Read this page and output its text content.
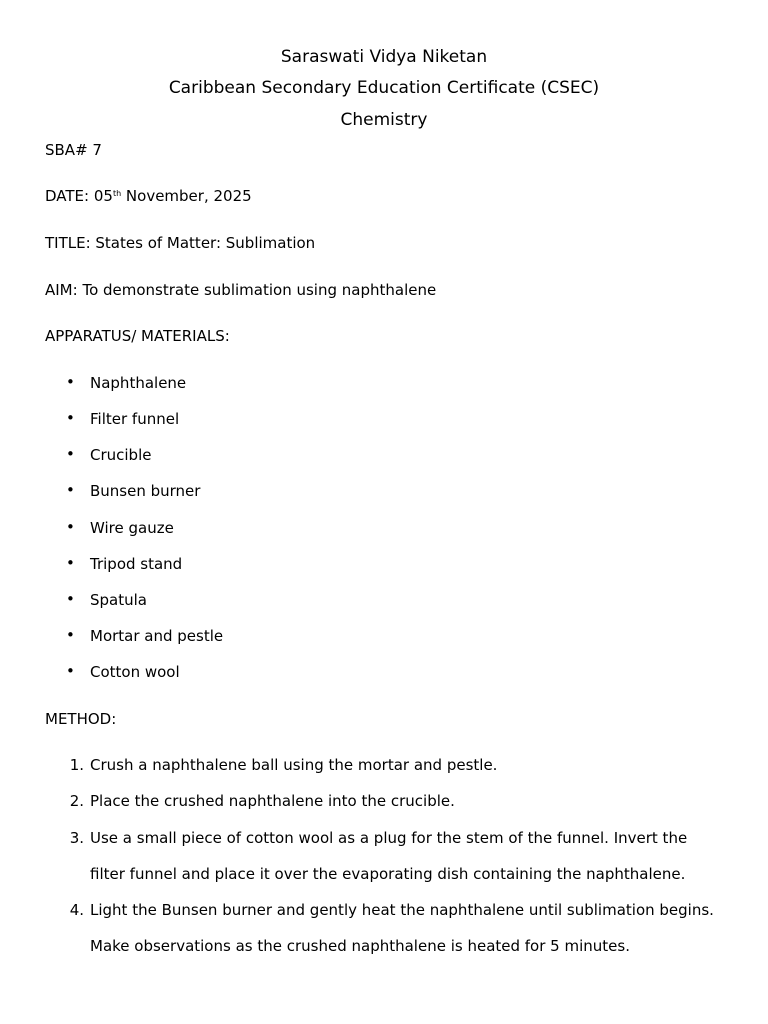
Saraswati Vidya Niketan
Caribbean Secondary Education Certificate (CSEC)
Chemistry
SBA# 7
DATE: 05th November, 2025
TITLE: States of Matter: Sublimation
AIM: To demonstrate sublimation using naphthalene
APPARATUS/ MATERIALS:
• Naphthalene
• Filter funnel
• Crucible
• Bunsen burner
• Wire gauze
• Tripod stand
• Spatula
• Mortar and pestle
• Cotton wool
METHOD:
1. Crush a naphthalene ball using the mortar and pestle.
2. Place the crushed naphthalene into the crucible.
3. Use a small piece of cotton wool as a plug for the stem of the funnel. Invert the
filter funnel and place it over the evaporating dish containing the naphthalene.
4. Light the Bunsen burner and gently heat the naphthalene until sublimation begins.
Make observations as the crushed naphthalene is heated for 5 minutes.
